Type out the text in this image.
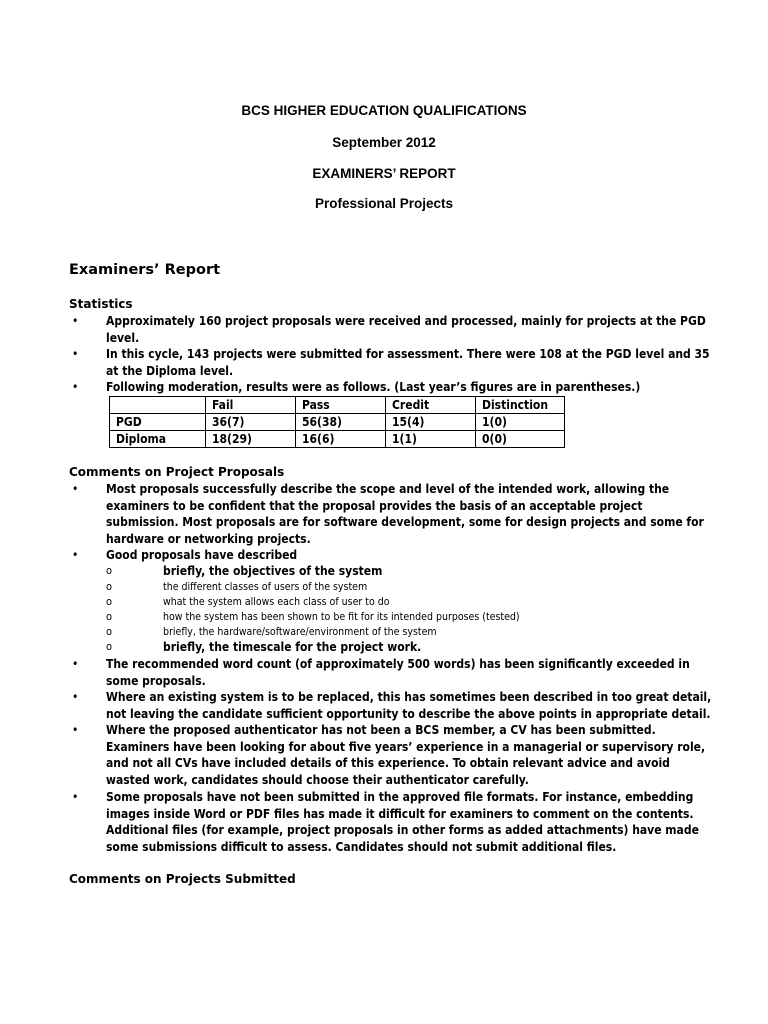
BCS HIGHER EDUCATION QUALIFICATIONS
September 2012
EXAMINERS’ REPORT
Professional Projects
Examiners’ Report
Statistics
• Approximately 160 project proposals were received and processed, mainly for projects at the PGD level.
• In this cycle, 143 projects were submitted for assessment. There were 108 at the PGD level and 35 at the Diploma level.
• Following moderation, results were as follows. (Last year’s figures are in parentheses.)
	Fail	Pass	Credit	Distinction
PGD	36(7)	56(38)	15(4)	1(0)
Diploma	18(29)	16(6)	1(1)	0(0)
Comments on Project Proposals
• Most proposals successfully describe the scope and level of the intended work, allowing the examiners to be confident that the proposal provides the basis of an acceptable project submission. Most proposals are for software development, some for design projects and some for hardware or networking projects.
• Good proposals have described
o	briefly, the objectives of the system
o	the different classes of users of the system
o	what the system allows each class of user to do
o	how the system has been shown to be fit for its intended purposes (tested)
o	briefly, the hardware/software/environment of the system
o	briefly, the timescale for the project work.
• The recommended word count (of approximately 500 words) has been significantly exceeded in some proposals.
• Where an existing system is to be replaced, this has sometimes been described in too great detail, not leaving the candidate sufficient opportunity to describe the above points in appropriate detail.
• Where the proposed authenticator has not been a BCS member, a CV has been submitted. Examiners have been looking for about five years’ experience in a managerial or supervisory role, and not all CVs have included details of this experience. To obtain relevant advice and avoid wasted work, candidates should choose their authenticator carefully.
• Some proposals have not been submitted in the approved file formats. For instance, embedding images inside Word or PDF files has made it difficult for examiners to comment on the contents. Additional files (for example, project proposals in other forms as added attachments) have made some submissions difficult to assess. Candidates should not submit additional files.
Comments on Projects Submitted
